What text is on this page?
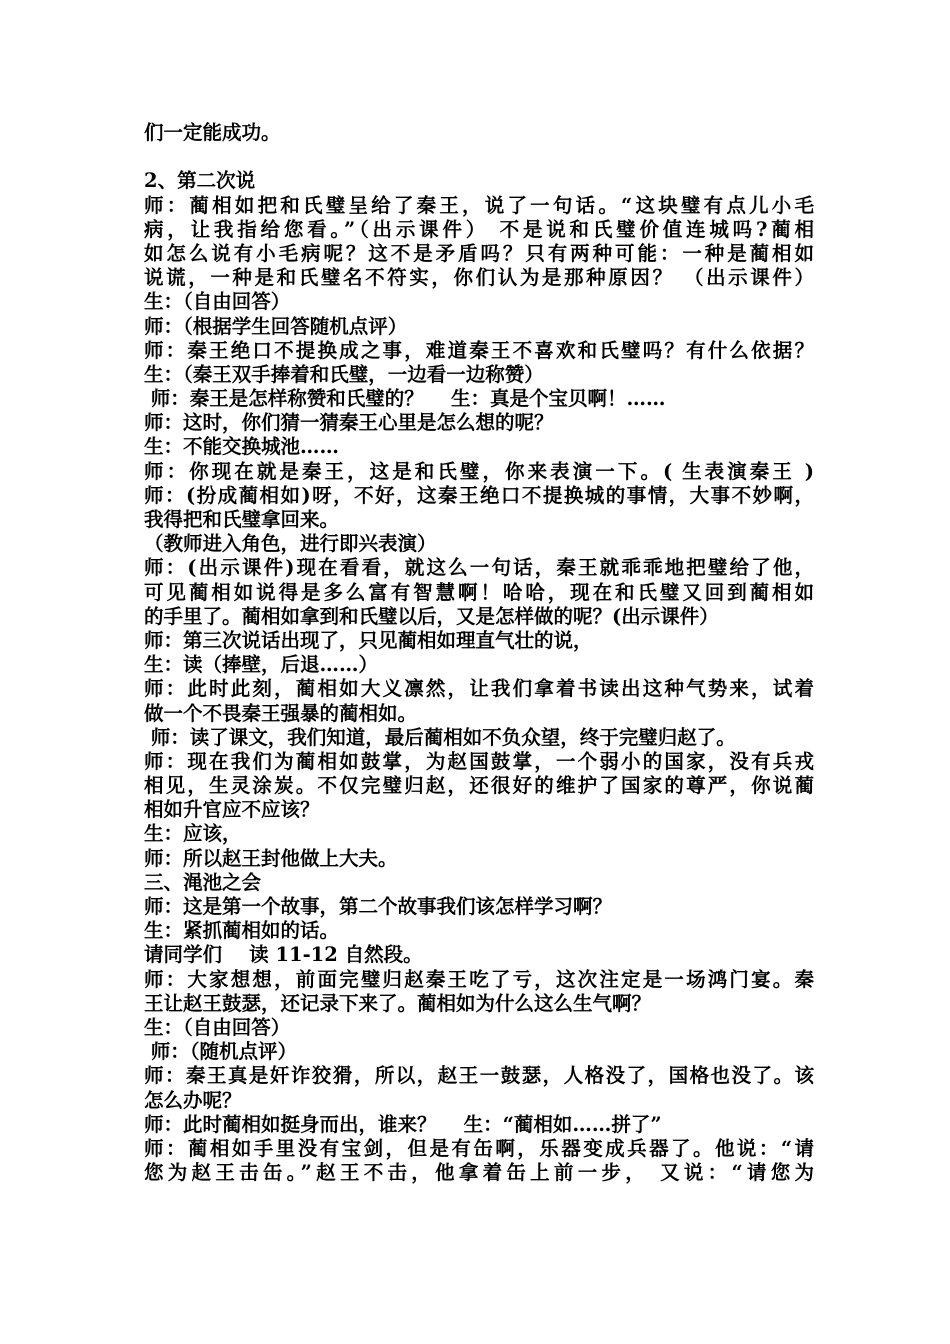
们一定能成功。
2、第二次说
师：蔺相如把和氏璧呈给了秦王，说了一句话。“这块璧有点儿小毛
病，让我指给您看。”（出示课件） 不是说和氏璧价值连城吗?蔺相
如怎么说有小毛病呢？这不是矛盾吗？只有两种可能：一种是蔺相如
说谎，一种是和氏璧名不符实，你们认为是那种原因？ （出示课件）
生：（自由回答）
师：（根据学生回答随机点评）
师：秦王绝口不提换成之事，难道秦王不喜欢和氏璧吗？有什么依据？
生：（秦王双手捧着和氏璧，一边看一边称赞）
师：秦王是怎样称赞和氏璧的？    生：真是个宝贝啊！……
师：这时，你们猜一猜秦王心里是怎么想的呢？
生：不能交换城池……
师：你现在就是秦王，这是和氏璧，你来表演一下。( 生表演秦王 )
师：(扮成蔺相如)呀，不好，这秦王绝口不提换城的事情，大事不妙啊，
我得把和氏璧拿回来。
（教师进入角色，进行即兴表演）
师：(出示课件)现在看看，就这么一句话，秦王就乖乖地把璧给了他，
可见蔺相如说得是多么富有智慧啊！哈哈，现在和氏璧又回到蔺相如
的手里了。蔺相如拿到和氏璧以后，又是怎样做的呢？(出示课件）
师：第三次说话出现了，只见蔺相如理直气壮的说，
生：读（捧壁，后退……）
师：此时此刻，蔺相如大义凛然，让我们拿着书读出这种气势来，试着
做一个不畏秦王强暴的蔺相如。
师：读了课文，我们知道，最后蔺相如不负众望，终于完璧归赵了。
师：现在我们为蔺相如鼓掌，为赵国鼓掌，一个弱小的国家，没有兵戎
相见，生灵涂炭。不仅完璧归赵，还很好的维护了国家的尊严，你说蔺
相如升官应不应该？
生：应该，
师：所以赵王封他做上大夫。
三、渑池之会
师：这是第一个故事，第二个故事我们该怎样学习啊？
生：紧抓蔺相如的话。
请同学们    读 11-12 自然段。
师：大家想想，前面完璧归赵秦王吃了亏，这次注定是一场鸿门宴。秦
王让赵王鼓瑟，还记录下来了。蔺相如为什么这么生气啊？
生：（自由回答）
师：（随机点评）
师：秦王真是奸诈狡猾，所以，赵王一鼓瑟，人格没了，国格也没了。该
怎么办呢？
师：此时蔺相如挺身而出，谁来？    生：“蔺相如……拼了”
师：蔺相如手里没有宝剑，但是有缶啊，乐器变成兵器了。他说：“请
您为赵王击缶。”赵王不击，他拿着缶上前一步， 又说：“请您为
